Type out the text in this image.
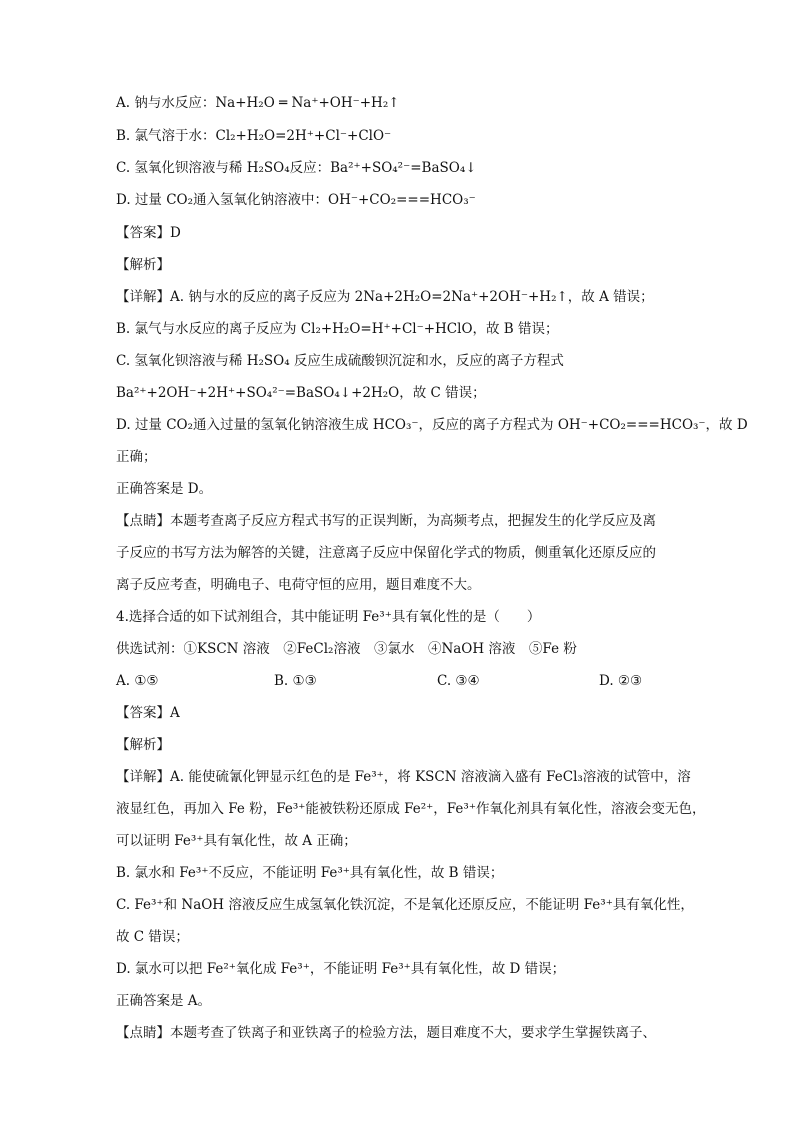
A. 钠与水反应：Na+H₂O ═ Na⁺+OH⁻+H₂↑
B. 氯气溶于水：Cl₂+H₂O=2H⁺+Cl⁻+ClO⁻
C. 氢氧化钡溶液与稀 H₂SO₄反应：Ba²⁺+SO₄²⁻=BaSO₄↓
D. 过量 CO₂通入氢氧化钠溶液中：OH⁻+CO₂===HCO₃⁻
【答案】D
【解析】
【详解】A. 钠与水的反应的离子反应为 2Na+2H₂O=2Na⁺+2OH⁻+H₂↑，故 A 错误；
B. 氯气与水反应的离子反应为 Cl₂+H₂O=H⁺+Cl⁻+HClO，故 B 错误；
C. 氢氧化钡溶液与稀 H₂SO₄ 反应生成硫酸钡沉淀和水，反应的离子方程式
Ba²⁺+2OH⁻+2H⁺+SO₄²⁻=BaSO₄↓+2H₂O，故 C 错误；
D. 过量 CO₂通入过量的氢氧化钠溶液生成 HCO₃⁻，反应的离子方程式为 OH⁻+CO₂===HCO₃⁻，故 D
正确；
正确答案是 D。
【点睛】本题考查离子反应方程式书写的正误判断，为高频考点，把握发生的化学反应及离
子反应的书写方法为解答的关键，注意离子反应中保留化学式的物质，侧重氧化还原反应的
离子反应考查，明确电子、电荷守恒的应用，题目难度不大。
4.选择合适的如下试剂组合，其中能证明 Fe³⁺具有氧化性的是（　　）
供选试剂：①KSCN 溶液　②FeCl₂溶液　③氯水　④NaOH 溶液　⑤Fe 粉
【答案】A
【解析】
【详解】A. 能使硫氰化钾显示红色的是 Fe³⁺，将 KSCN 溶液滴入盛有 FeCl₃溶液的试管中，溶
液显红色，再加入 Fe 粉，Fe³⁺能被铁粉还原成 Fe²⁺，Fe³⁺作氧化剂具有氧化性，溶液会变无色，
可以证明 Fe³⁺具有氧化性，故 A 正确；
B. 氯水和 Fe³⁺不反应，不能证明 Fe³⁺具有氧化性，故 B 错误；
C. Fe³⁺和 NaOH 溶液反应生成氢氧化铁沉淀，不是氧化还原反应，不能证明 Fe³⁺具有氧化性，
故 C 错误；
D. 氯水可以把 Fe²⁺氧化成 Fe³⁺，不能证明 Fe³⁺具有氧化性，故 D 错误；
正确答案是 A。
【点睛】本题考查了铁离子和亚铁离子的检验方法，题目难度不大，要求学生掌握铁离子、
A. ①⑤	B. ①③	C. ③④	D. ②③
